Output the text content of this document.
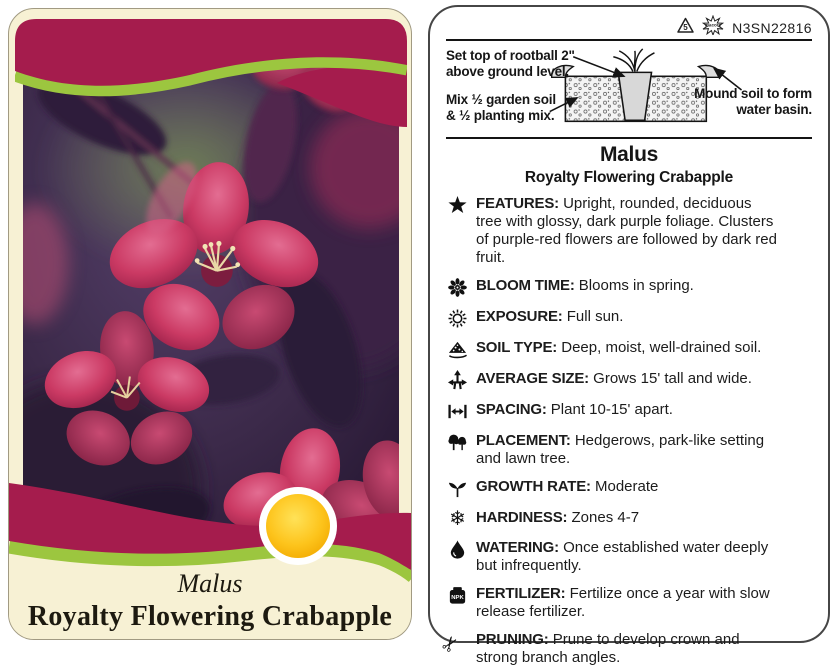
Malus
Royalty Flowering Crabapple
5	macore N3SN22816
Set top of rootball 2"
above ground level.
Mix ½ garden soil
& ½ planting mix.
Mound soil to form
water basin.
Malus
Royalty Flowering Crabapple

FEATURES: Upright, rounded, deciduous tree with glossy, dark purple foliage. Clusters of purple-red flowers are followed by dark red fruit.

BLOOM TIME: Blooms in spring.

EXPOSURE: Full sun.

SOIL TYPE: Deep, moist, well-drained soil.

AVERAGE SIZE: Grows 15' tall and wide.

SPACING: Plant 10-15' apart.

PLACEMENT: Hedgerows, park-like setting and lawn tree.

GROWTH RATE: Moderate

❄ HARDINESS: Zones 4-7

WATERING: Once established water deeply but infrequently.

NPK FERTILIZER: Fertilize once a year with slow release fertilizer.

✂ PRUNING: Prune to develop crown and strong branch angles.
